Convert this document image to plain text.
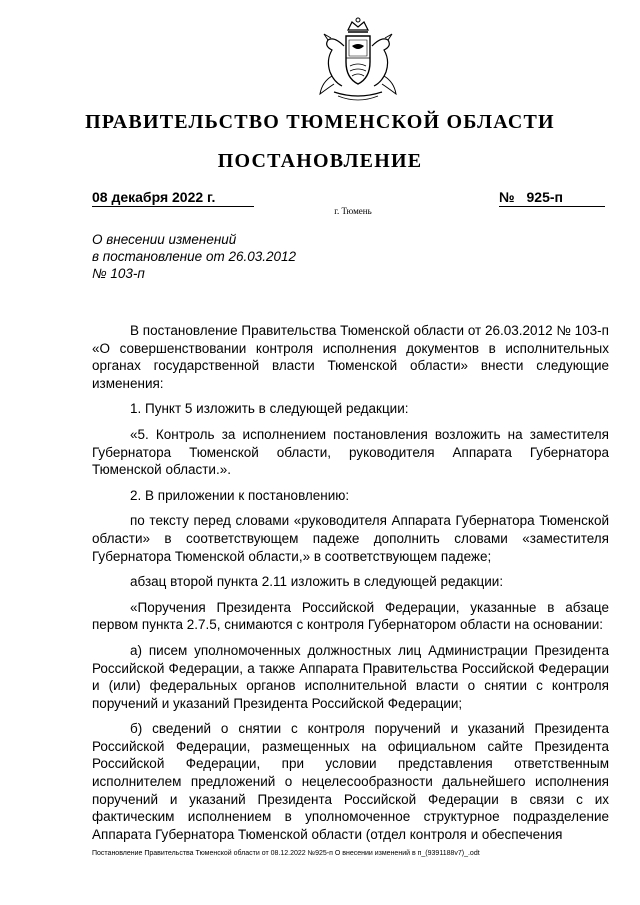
ПРАВИТЕЛЬСТВО ТЮМЕНСКОЙ ОБЛАСТИ
ПОСТАНОВЛЕНИЕ
08 декабря 2022 г.	№ 925-п
г. Тюмень
О внесении изменений
в постановление от 26.03.2012
№ 103-п

В постановление Правительства Тюменской области от 26.03.2012 № 103-п «О совершенствовании контроля исполнения документов в исполнительных органах государственной власти Тюменской области» внести следующие изменения:

1. Пункт 5 изложить в следующей редакции:

«5. Контроль за исполнением постановления возложить на заместителя Губернатора Тюменской области, руководителя Аппарата Губернатора Тюменской области.».

2. В приложении к постановлению:

по тексту перед словами «руководителя Аппарата Губернатора Тюменской области» в соответствующем падеже дополнить словами «заместителя Губернатора Тюменской области,» в соответствующем падеже;

абзац второй пункта 2.11 изложить в следующей редакции:

«Поручения Президента Российской Федерации, указанные в абзаце первом пункта 2.7.5, снимаются с контроля Губернатором области на основании:

а) писем уполномоченных должностных лиц Администрации Президента Российской Федерации, а также Аппарата Правительства Российской Федерации и (или) федеральных органов исполнительной власти о снятии с контроля поручений и указаний Президента Российской Федерации;

б) сведений о снятии с контроля поручений и указаний Президента Российской Федерации, размещенных на официальном сайте Президента Российской Федерации, при условии представления ответственным исполнителем предложений о нецелесообразности дальнейшего исполнения поручений и указаний Президента Российской Федерации в связи с их фактическим исполнением в уполномоченное структурное подразделение Аппарата Губернатора Тюменской области (отдел контроля и обеспечения

Постановление Правительства Тюменской области от 08.12.2022 №925-п О внесении изменений в п_(9391188v7)_.odt
